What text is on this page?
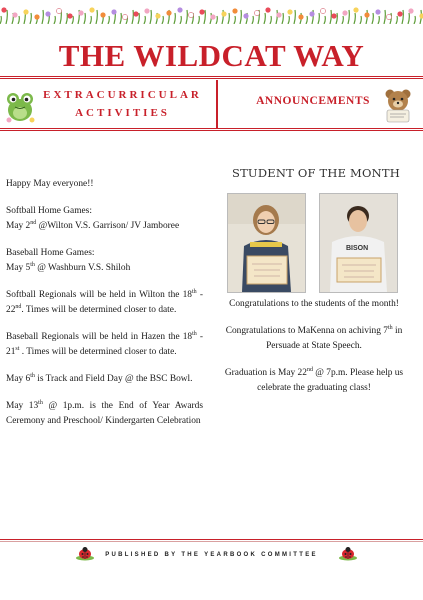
THE WILDCAT WAY
EXTRACURRICULAR ACTIVITIES
ANNOUNCEMENTS

Happy May everyone!!

Softball Home Games:
May 2nd @Wilton V.S. Garrison/ JV Jamboree

Baseball Home Games:
May 5th @ Washburn V.S. Shiloh

Softball Regionals will be held in Wilton the 18th - 22nd. Times will be determined closer to date.

Baseball Regionals will be held in Hazen the 18th - 21st . Times will be determined closer to date.

May 6th is Track and Field Day @ the BSC Bowl.

May 13th @ 1p.m. is the End of Year Awards Ceremony and Preschool/ Kindergarten Celebration

STUDENT OF THE MONTH
BISON

Congratulations to the students of the month!

Congratulations to MaKenna on achiving 7th in Persuade at State Speech.

Graduation is May 22nd @ 7p.m. Please help us celebrate the graduating class!

PUBLISHED BY THE YEARBOOK COMMITTEE
